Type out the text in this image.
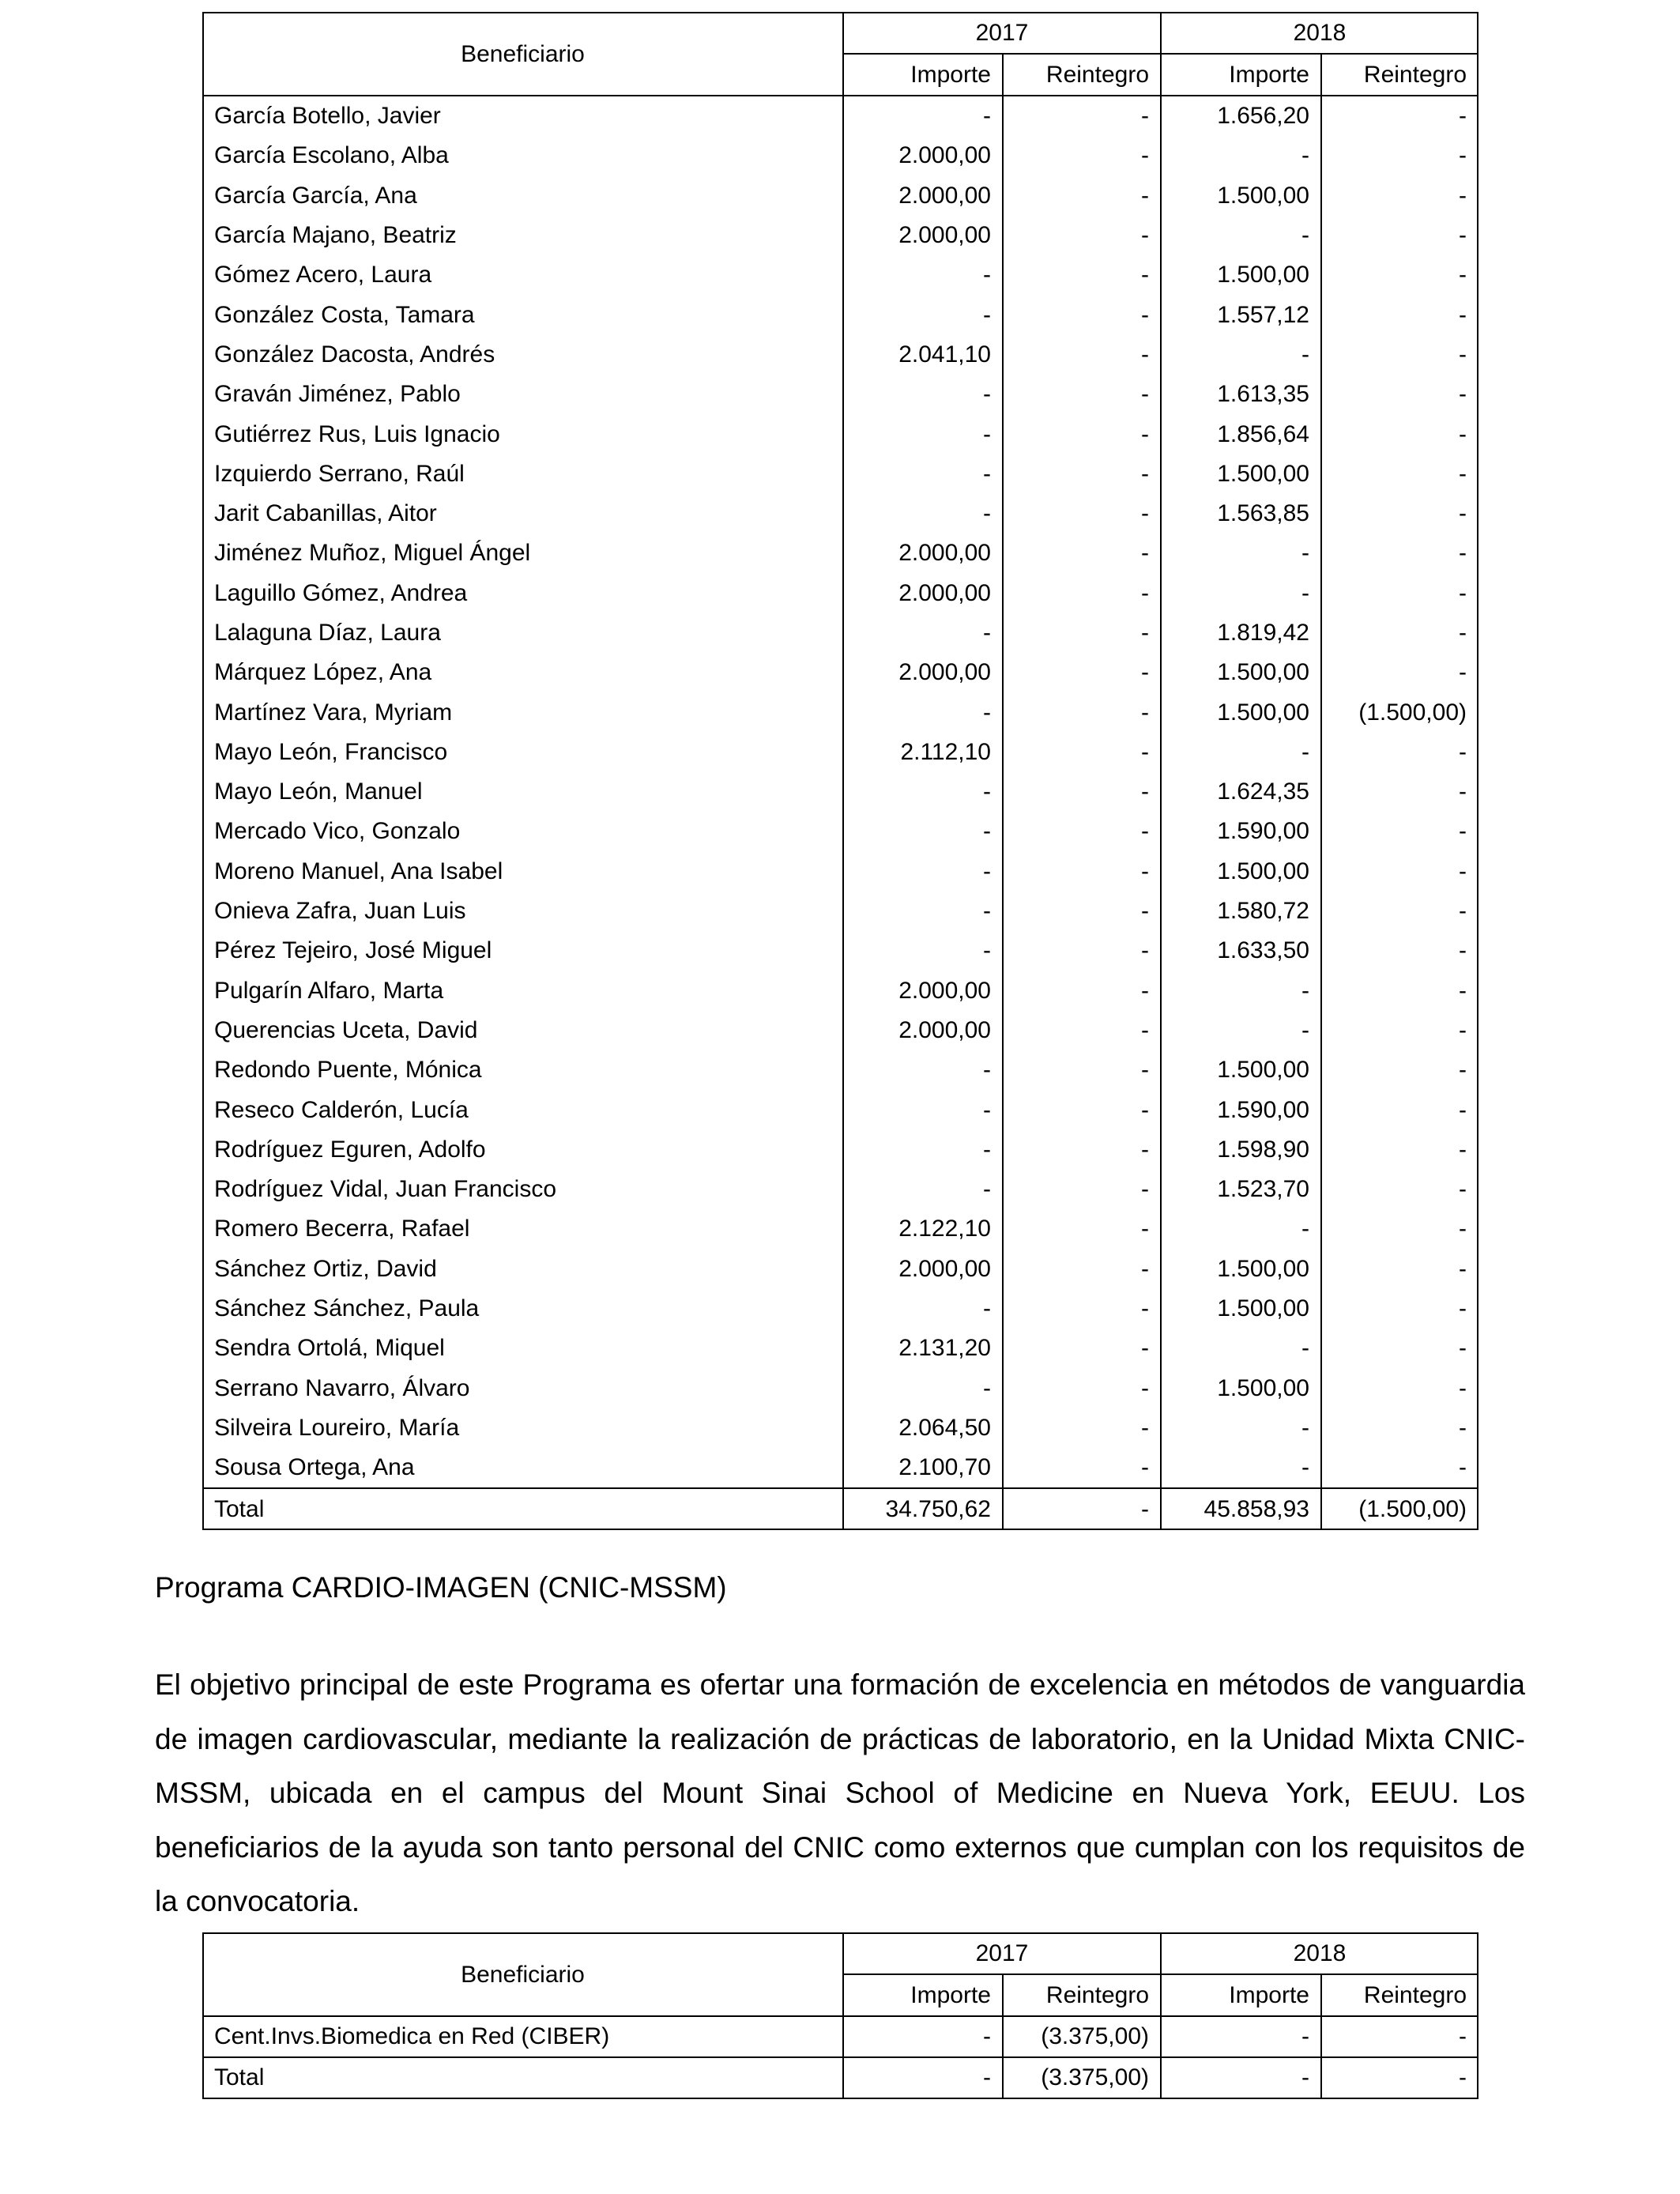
Beneficiario	2017		2018	
	Importe	Reintegro	Importe	Reintegro
García Botello, Javier	-	-	1.656,20	-
García Escolano, Alba	2.000,00	-	-	-
García García, Ana	2.000,00	-	1.500,00	-
García Majano, Beatriz	2.000,00	-	-	-
Gómez Acero, Laura	-	-	1.500,00	-
González Costa, Tamara	-	-	1.557,12	-
González Dacosta, Andrés	2.041,10	-	-	-
Graván Jiménez, Pablo	-	-	1.613,35	-
Gutiérrez Rus, Luis Ignacio	-	-	1.856,64	-
Izquierdo Serrano, Raúl	-	-	1.500,00	-
Jarit Cabanillas, Aitor	-	-	1.563,85	-
Jiménez Muñoz, Miguel Ángel	2.000,00	-	-	-
Laguillo Gómez, Andrea	2.000,00	-	-	-
Lalaguna Díaz, Laura	-	-	1.819,42	-
Márquez López, Ana	2.000,00	-	1.500,00	-
Martínez Vara, Myriam	-	-	1.500,00	(1.500,00)
Mayo León, Francisco	2.112,10	-	-	-
Mayo León, Manuel	-	-	1.624,35	-
Mercado Vico, Gonzalo	-	-	1.590,00	-
Moreno Manuel, Ana Isabel	-	-	1.500,00	-
Onieva Zafra, Juan Luis	-	-	1.580,72	-
Pérez Tejeiro, José Miguel	-	-	1.633,50	-
Pulgarín Alfaro, Marta	2.000,00	-	-	-
Querencias Uceta, David	2.000,00	-	-	-
Redondo Puente, Mónica	-	-	1.500,00	-
Reseco Calderón, Lucía	-	-	1.590,00	-
Rodríguez Eguren, Adolfo	-	-	1.598,90	-
Rodríguez Vidal, Juan Francisco	-	-	1.523,70	-
Romero Becerra, Rafael	2.122,10	-	-	-
Sánchez Ortiz, David	2.000,00	-	1.500,00	-
Sánchez Sánchez, Paula	-	-	1.500,00	-
Sendra Ortolá, Miquel	2.131,20	-	-	-
Serrano Navarro, Álvaro	-	-	1.500,00	-
Silveira Loureiro, María	2.064,50	-	-	-
Sousa Ortega, Ana	2.100,70	-	-	-
Total	34.750,62	-	45.858,93	(1.500,00)
Programa CARDIO-IMAGEN (CNIC-MSSM)

El objetivo principal de este Programa es ofertar una formación de excelencia en métodos de vanguardia de imagen cardiovascular, mediante la realización de prácticas de laboratorio, en la Unidad Mixta CNIC-MSSM, ubicada en el campus del Mount Sinai School of Medicine en Nueva York, EEUU. Los beneficiarios de la ayuda son tanto personal del CNIC como externos que cumplan con los requisitos de la convocatoria.

Beneficiario	2017		2018	
	Importe	Reintegro	Importe	Reintegro
Cent.Invs.Biomedica en Red (CIBER)	-	(3.375,00)	-	-
Total	-	(3.375,00)	-	-
